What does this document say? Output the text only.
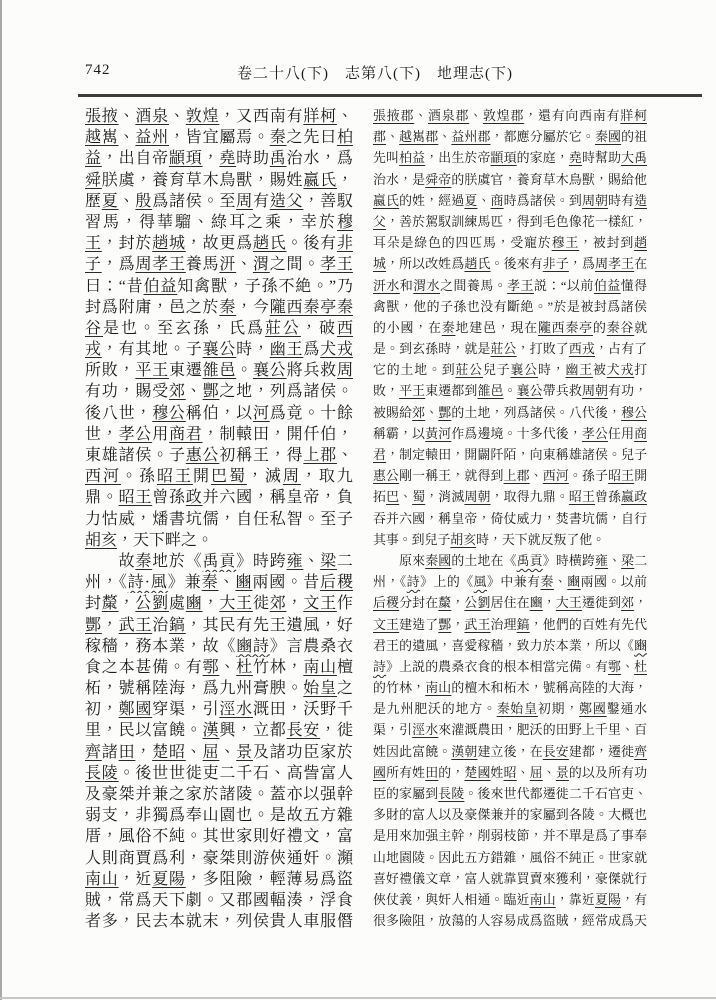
742	卷二十八(下)　志第八(下)　地理志(下)
張掖、酒泉、敦煌，又西南有牂柯、
越嶲、益州，皆宜屬焉。秦之先曰柏
益，出自帝顓頊，堯時助禹治水，爲
舜朕虞，養育草木鳥獸，賜姓嬴氏，
歷夏、殷爲諸侯。至周有造父，善馭
習馬，得華騮、綠耳之乘，幸於穆
王，封於趙城，故更爲趙氏。後有非
子，爲周孝王養馬汧、渭之間。孝王
曰：“昔伯益知禽獸，子孫不絶。”乃
封爲附庸，邑之於秦，今隴西秦亭秦
谷是也。至玄孫，氏爲莊公，破西
戎，有其地。子襄公時，幽王爲犬戎
所敗，平王東遷雒邑。襄公將兵救周
有功，賜受郊、酆之地，列爲諸侯。
後八世，穆公稱伯，以河爲竟。十餘
世，孝公用商君，制轅田，開仟伯，
東雄諸侯。子惠公初稱王，得上郡、
西河。孫昭王開巴蜀，滅周，取九
鼎。昭王曾孫政并六國，稱皇帝，負
力怙威，燔書坑儒，自任私智。至子
胡亥，天下畔之。
　　故秦地於《禹貢》時跨雍、梁二
州，《詩·風》兼秦、豳兩國。昔后稷
封斄，公劉處豳，大王徙郊，文王作
酆，武王治鎬，其民有先王遺風，好
稼穡，務本業，故《豳詩》言農桑衣
食之本甚備。有鄠、杜竹林，南山檀
柘，號稱陸海，爲九州膏腴。始皇之
初，鄭國穿渠，引涇水溉田，沃野千
里，民以富饒。漢興，立都長安，徙
齊諸田，楚昭、屈、景及諸功臣家於
長陵。後世世徙吏二千石、高訾富人
及豪桀并兼之家於諸陵。蓋亦以强幹
弱支，非獨爲奉山園也。是故五方雜
厝，風俗不純。其世家則好禮文，富
人則商賈爲利，豪桀則游俠通奸。瀕
南山，近夏陽，多阻險，輕薄易爲盜
賊，常爲天下劇。又郡國輻湊，浮食
者多，民去本就末，列侯貴人車服僭
張掖郡、酒泉郡、敦煌郡，還有向西南有牂柯
郡、越嶲郡、益州郡，都應分屬於它。秦國的祖
先叫柏益，出生於帝顓頊的家庭，堯時幫助大禹
治水，是舜帝的朕虞官，養育草木鳥獸，賜給他
嬴氏的姓，經過夏、商時爲諸侯。到周朝時有造
父，善於駕馭訓練馬匹，得到毛色像花一樣紅，
耳朵是綠色的四匹馬，受寵於穆王，被封到趙
城，所以改姓爲趙氏。後來有非子，爲周孝王在
汧水和渭水之間養馬。孝王説：“以前伯益懂得
禽獸，他的子孫也没有斷絶。”於是被封爲諸侯
的小國，在秦地建邑，現在隴西秦亭的秦谷就
是。到玄孫時，就是莊公，打敗了西戎，占有了
它的土地。到莊公兒子襄公時，幽王被犬戎打
敗，平王東遷都到雒邑。襄公帶兵救周朝有功，
被賜給郊、酆的土地，列爲諸侯。八代後，穆公
稱霸，以黃河作爲邊境。十多代後，孝公任用商
君，制定轅田，開闢阡陌，向東稱雄諸侯。兒子
惠公剛一稱王，就得到上郡、西河。孫子昭王開
拓巴、蜀，消滅周朝，取得九鼎。昭王曾孫嬴政
吞并六國，稱皇帝，倚仗威力，焚書坑儒，自行
其事。到兒子胡亥時，天下就反叛了他。
　　原來秦國的土地在《禹貢》時横跨雍、梁二
州，《詩》上的《風》中兼有秦、豳兩國。以前
后稷分封在斄，公劉居住在豳，大王遷徙到郊，
文王建造了酆，武王治理鎬，他們的百姓有先代
君王的遺風，喜愛稼穡，致力於本業，所以《豳
詩》上説的農桑衣食的根本相當完備。有鄠、杜
的竹林，南山的檀木和柘木，號稱高陸的大海，
是九州肥沃的地方。秦始皇初期，鄭國鑿通水
渠，引涇水來灌溉農田，肥沃的田野上千里、百
姓因此富饒。漢朝建立後，在長安建都，遷徙齊
國所有姓田的，楚國姓昭、屈、景的以及所有功
臣的家屬到長陵。後來世代都遷徙二千石官吏、
多財的富人以及豪傑兼并的家屬到各陵。大概也
是用來加强主幹，削弱枝節，并不單是爲了事奉
山地園陵。因此五方錯雜，風俗不純正。世家就
喜好禮儀文章，富人就靠買賣來獲利，豪傑就行
俠仗義，與奸人相通。臨近南山，靠近夏陽，有
很多險阻，放蕩的人容易成爲盜賊，經常成爲天
